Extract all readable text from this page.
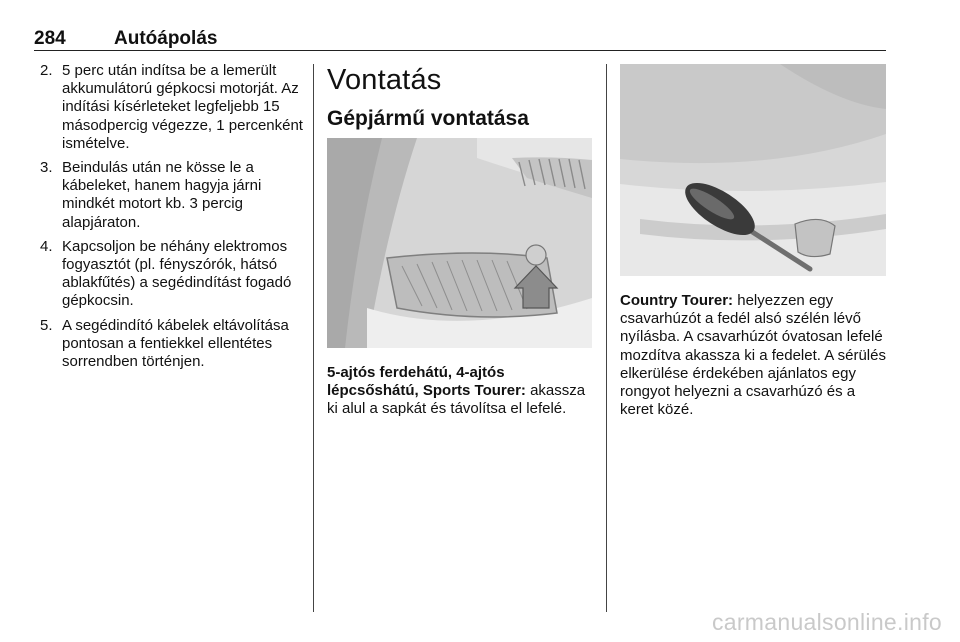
284	Autóápolás
2. 5 perc után indítsa be a lemerült akkumulátorú gépkocsi motorját. Az indítási kísérleteket legfeljebb 15 másodpercig végezze, 1 percenként ismételve.
3. Beindulás után ne kösse le a kábeleket, hanem hagyja járni mindkét motort kb. 3 percig alapjáraton.
4. Kapcsoljon be néhány elektromos fogyasztót (pl. fényszórók, hátsó ablakfűtés) a segédindítást fogadó gépkocsin.
5. A segédindító kábelek eltávolítása pontosan a fentiekkel ellentétes sorrendben történjen.
Vontatás
Gépjármű vontatása
5-ajtós ferdehátú, 4-ajtós lépcsőshátú, Sports Tourer: akassza ki alul a sapkát és távolítsa el lefelé.
Country Tourer: helyezzen egy csavarhúzót a fedél alsó szélén lévő nyílásba. A csavarhúzót óvatosan lefelé mozdítva akassza ki a fedelet. A sérülés elkerülése érdekében ajánlatos egy rongyot helyezni a csavarhúzó és a keret közé.
carmanualsonline.info
